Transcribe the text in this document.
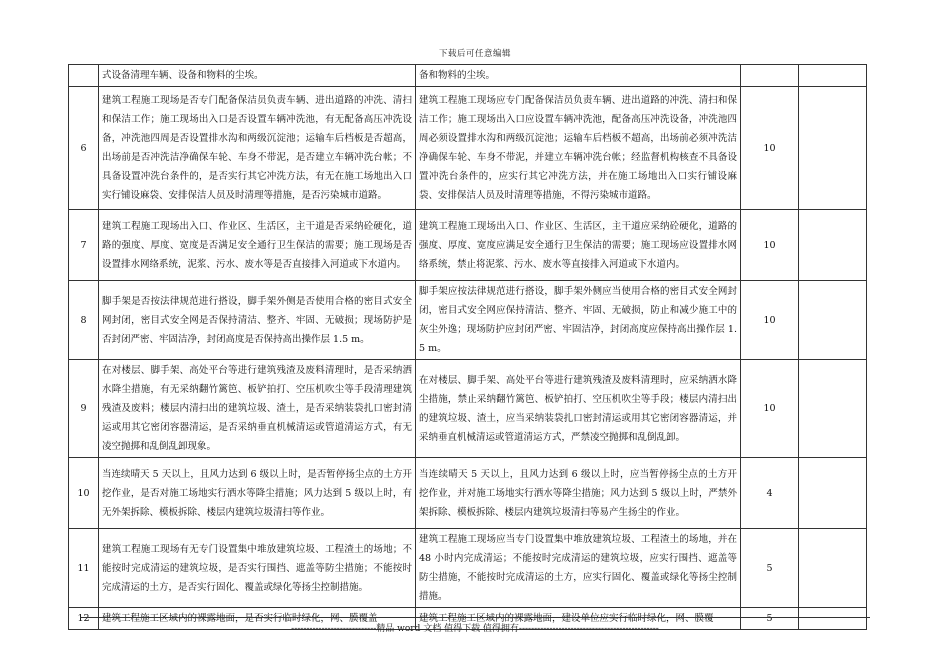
下载后可任意编辑
	式设备清理车辆、设备和物料的尘埃。	备和物料的尘埃。		
6	建筑工程施工现场是否专门配备保洁员负责车辆、进出道路的冲洗、清扫和保洁工作；施工现场出入口是否设置车辆冲洗池，有无配备高压冲洗设备，冲洗池四周是否设置排水沟和两级沉淀池；运输车后档板是否超高，出场前是否冲洗洁净确保车轮、车身不带泥，是否建立车辆冲洗台帐；不具备设置冲洗台条件的，是否实行其它冲洗方法，有无在施工场地出入口实行铺设麻袋、安排保洁人员及时清理等措施，是否污染城市道路。	建筑工程施工现场应专门配备保洁员负责车辆、进出道路的冲洗、清扫和保洁工作；施工现场出入口应设置车辆冲洗池，配备高压冲洗设备，冲洗池四周必须设置排水沟和两级沉淀池；运输车后档板不超高，出场前必须冲洗洁净确保车轮、车身不带泥，并建立车辆冲洗台帐；经监督机构核查不具备设置冲洗台条件的，应实行其它冲洗方法，并在施工场地出入口实行铺设麻袋、安排保洁人员及时清理等措施，不得污染城市道路。	10	
7	建筑工程施工现场出入口、作业区、生活区，主干道是否采纳砼硬化，道路的强度、厚度、宽度是否满足安全通行卫生保洁的需要；施工现场是否设置排水网络系统，泥浆、污水、废水等是否直接排入河道或下水道内。	建筑工程施工现场出入口、作业区、生活区，主干道应采纳砼硬化，道路的强度、厚度、宽度应满足安全通行卫生保洁的需要；施工现场应设置排水网络系统，禁止将泥浆、污水、废水等直接排入河道或下水道内。	10	
8	脚手架是否按法律规范进行搭设，脚手架外侧是否使用合格的密目式安全网封闭，密目式安全网是否保持清洁、整齐、牢固、无破损；现场防护是否封闭严密、牢固洁净，封闭高度是否保持高出操作层 1.5 m。	脚手架应按法律规范进行搭设，脚手架外侧应当使用合格的密目式安全网封闭，密目式安全网应保持清洁、整齐、牢固、无破损，防止和减少施工中的灰尘外逸；现场防护应封闭严密、牢固洁净，封闭高度应保持高出操作层 1.5 m。	10	
9	在对楼层、脚手架、高处平台等进行建筑残渣及废料清理时，是否采纳洒水降尘措施，有无采纳翻竹篱笆、板铲拍打、空压机吹尘等手段清理建筑残渣及废料；楼层内清扫出的建筑垃圾、渣土，是否采纳装袋扎口密封清运或用其它密闭容器清运，是否采纳垂直机械清运或管道清运方式，有无凌空抛掷和乱倒乱卸现象。	在对楼层、脚手架、高处平台等进行建筑残渣及废料清理时，应采纳洒水降尘措施，禁止采纳翻竹篱笆、板铲拍打、空压机吹尘等手段；楼层内清扫出的建筑垃圾、渣土，应当采纳装袋扎口密封清运或用其它密闭容器清运，并采纳垂直机械清运或管道清运方式，严禁凌空抛掷和乱倒乱卸。	10	
10	当连续晴天 5 天以上，且风力达到 6 级以上时，是否暂停扬尘点的土方开挖作业，是否对施工场地实行洒水等降尘措施；风力达到 5 级以上时，有无外架拆除、模板拆除、楼层内建筑垃圾清扫等作业。	当连续晴天 5 天以上，且风力达到 6 级以上时，应当暂停扬尘点的土方开挖作业，并对施工场地实行洒水等降尘措施；风力达到 5 级以上时，严禁外架拆除、模板拆除、楼层内建筑垃圾清扫等易产生扬尘的作业。	4	
11	建筑工程施工现场有无专门设置集中堆放建筑垃圾、工程渣土的场地；不能按时完成清运的建筑垃圾，是否实行围挡、遮盖等防尘措施；不能按时完成清运的土方，是否实行固化、覆盖或绿化等扬尘控制措施。	建筑工程施工现场应当专门设置集中堆放建筑垃圾、工程渣土的场地，并在 48 小时内完成清运；不能按时完成清运的建筑垃圾，应实行围挡、遮盖等防尘措施，不能按时完成清运的土方，应实行固化、覆盖或绿化等扬尘控制措施。	5	
12	建筑工程施工区域内的裸露地面，是否实行临时绿化，网、膜覆盖	建筑工程施工区域内的裸露地面，建设单位应实行临时绿化，网、膜覆	5	
----------------------------精品 word 文档 值得下载 值得拥有----------------------------------------------
